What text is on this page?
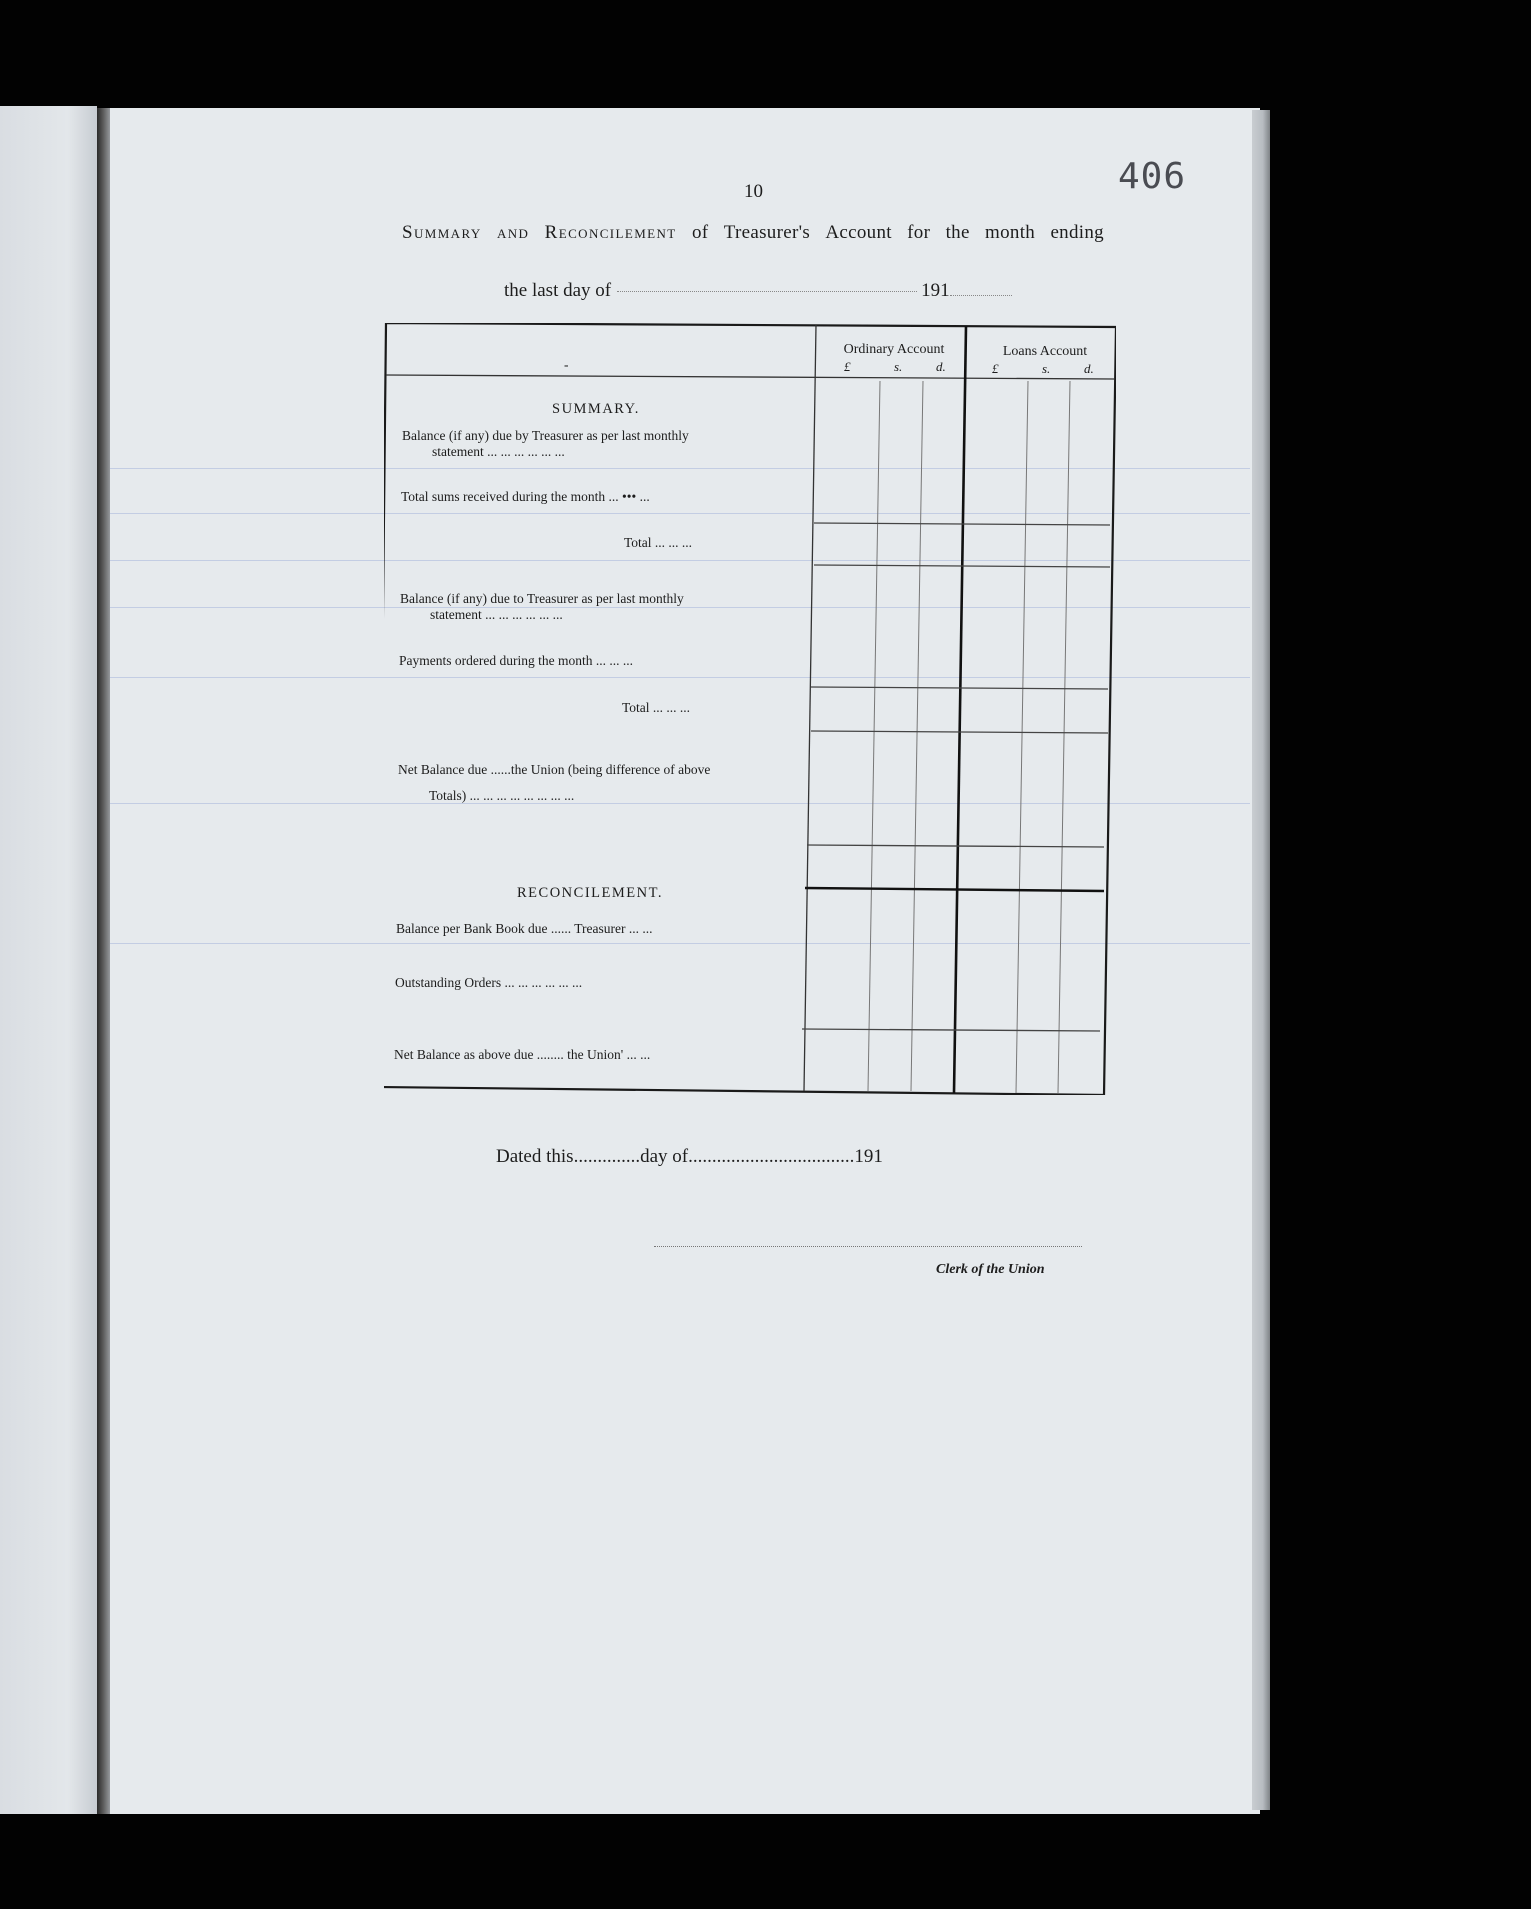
406
10
Summary and Reconcilement of Treasurer's Account for the month ending
the last day of	191
Ordinary Account
£	s.	d.
Loans Account
£	s.	d.
-
SUMMARY.
Balance (if any) due by Treasurer as per last monthly
statement ... ... ... ... ... ...
Total sums received during the month ... ••• ...
Total ... ... ...
Balance (if any) due to Treasurer as per last monthly
statement ... ... ... ... ... ...
Payments ordered during the month ... ... ...
Total ... ... ...
Net Balance due ......the Union (being difference of above
Totals) ... ... ... ... ... ... ... ...
RECONCILEMENT.
Balance per Bank Book due ...... Treasurer ... ...
Outstanding Orders ... ... ... ... ... ...
Net Balance as above due ........ the Union' ... ...
Dated this..............day of...................................191
Clerk of the Union
